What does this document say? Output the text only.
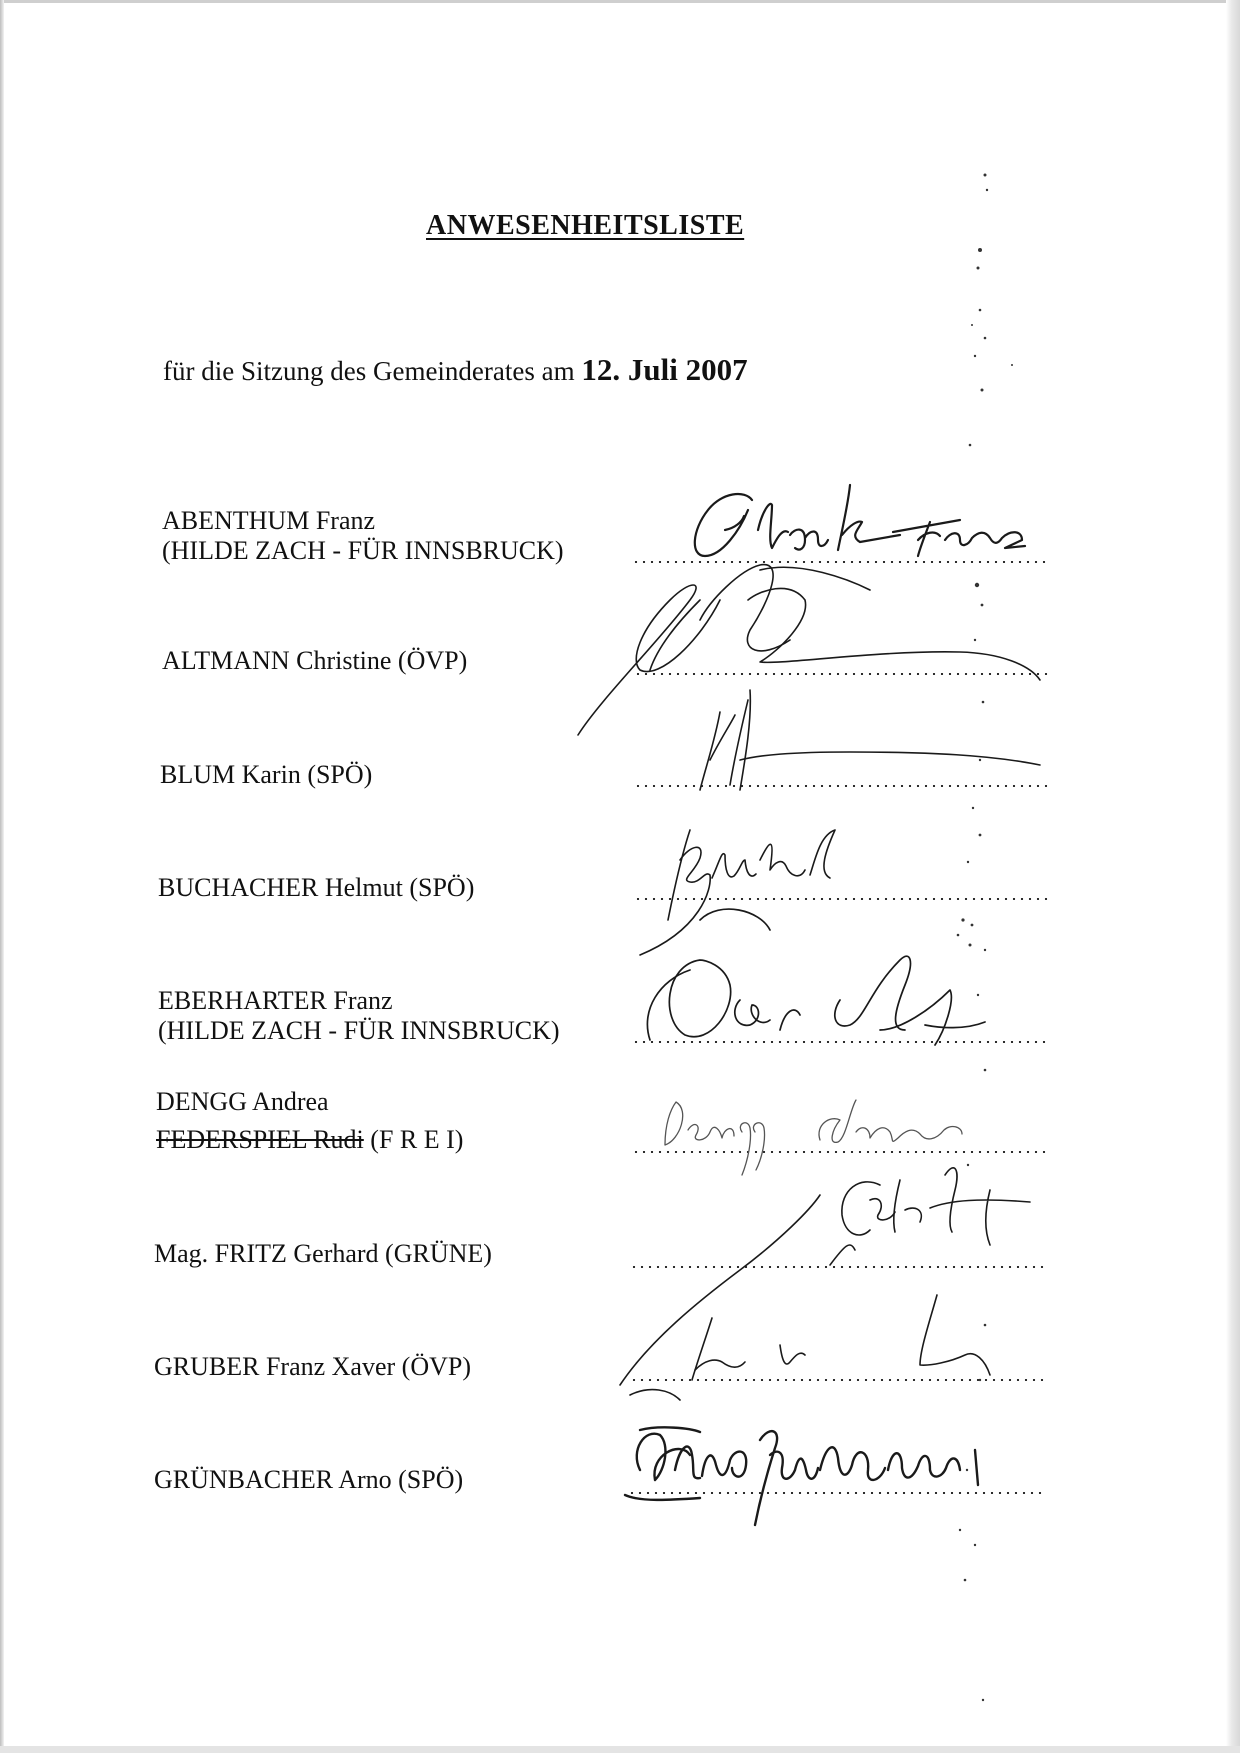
ANWESENHEITSLISTE
für die Sitzung des Gemeinderates am 12. Juli 2007
ABENTHUM Franz
(HILDE ZACH - FÜR INNSBRUCK)
ALTMANN Christine (ÖVP)
BLUM Karin (SPÖ)
BUCHACHER Helmut (SPÖ)
EBERHARTER Franz
(HILDE ZACH - FÜR INNSBRUCK)
DENGG Andrea
FEDERSPIEL Rudi (F R E I)
Mag. FRITZ Gerhard (GRÜNE)
GRUBER Franz Xaver (ÖVP)
GRÜNBACHER Arno (SPÖ)
